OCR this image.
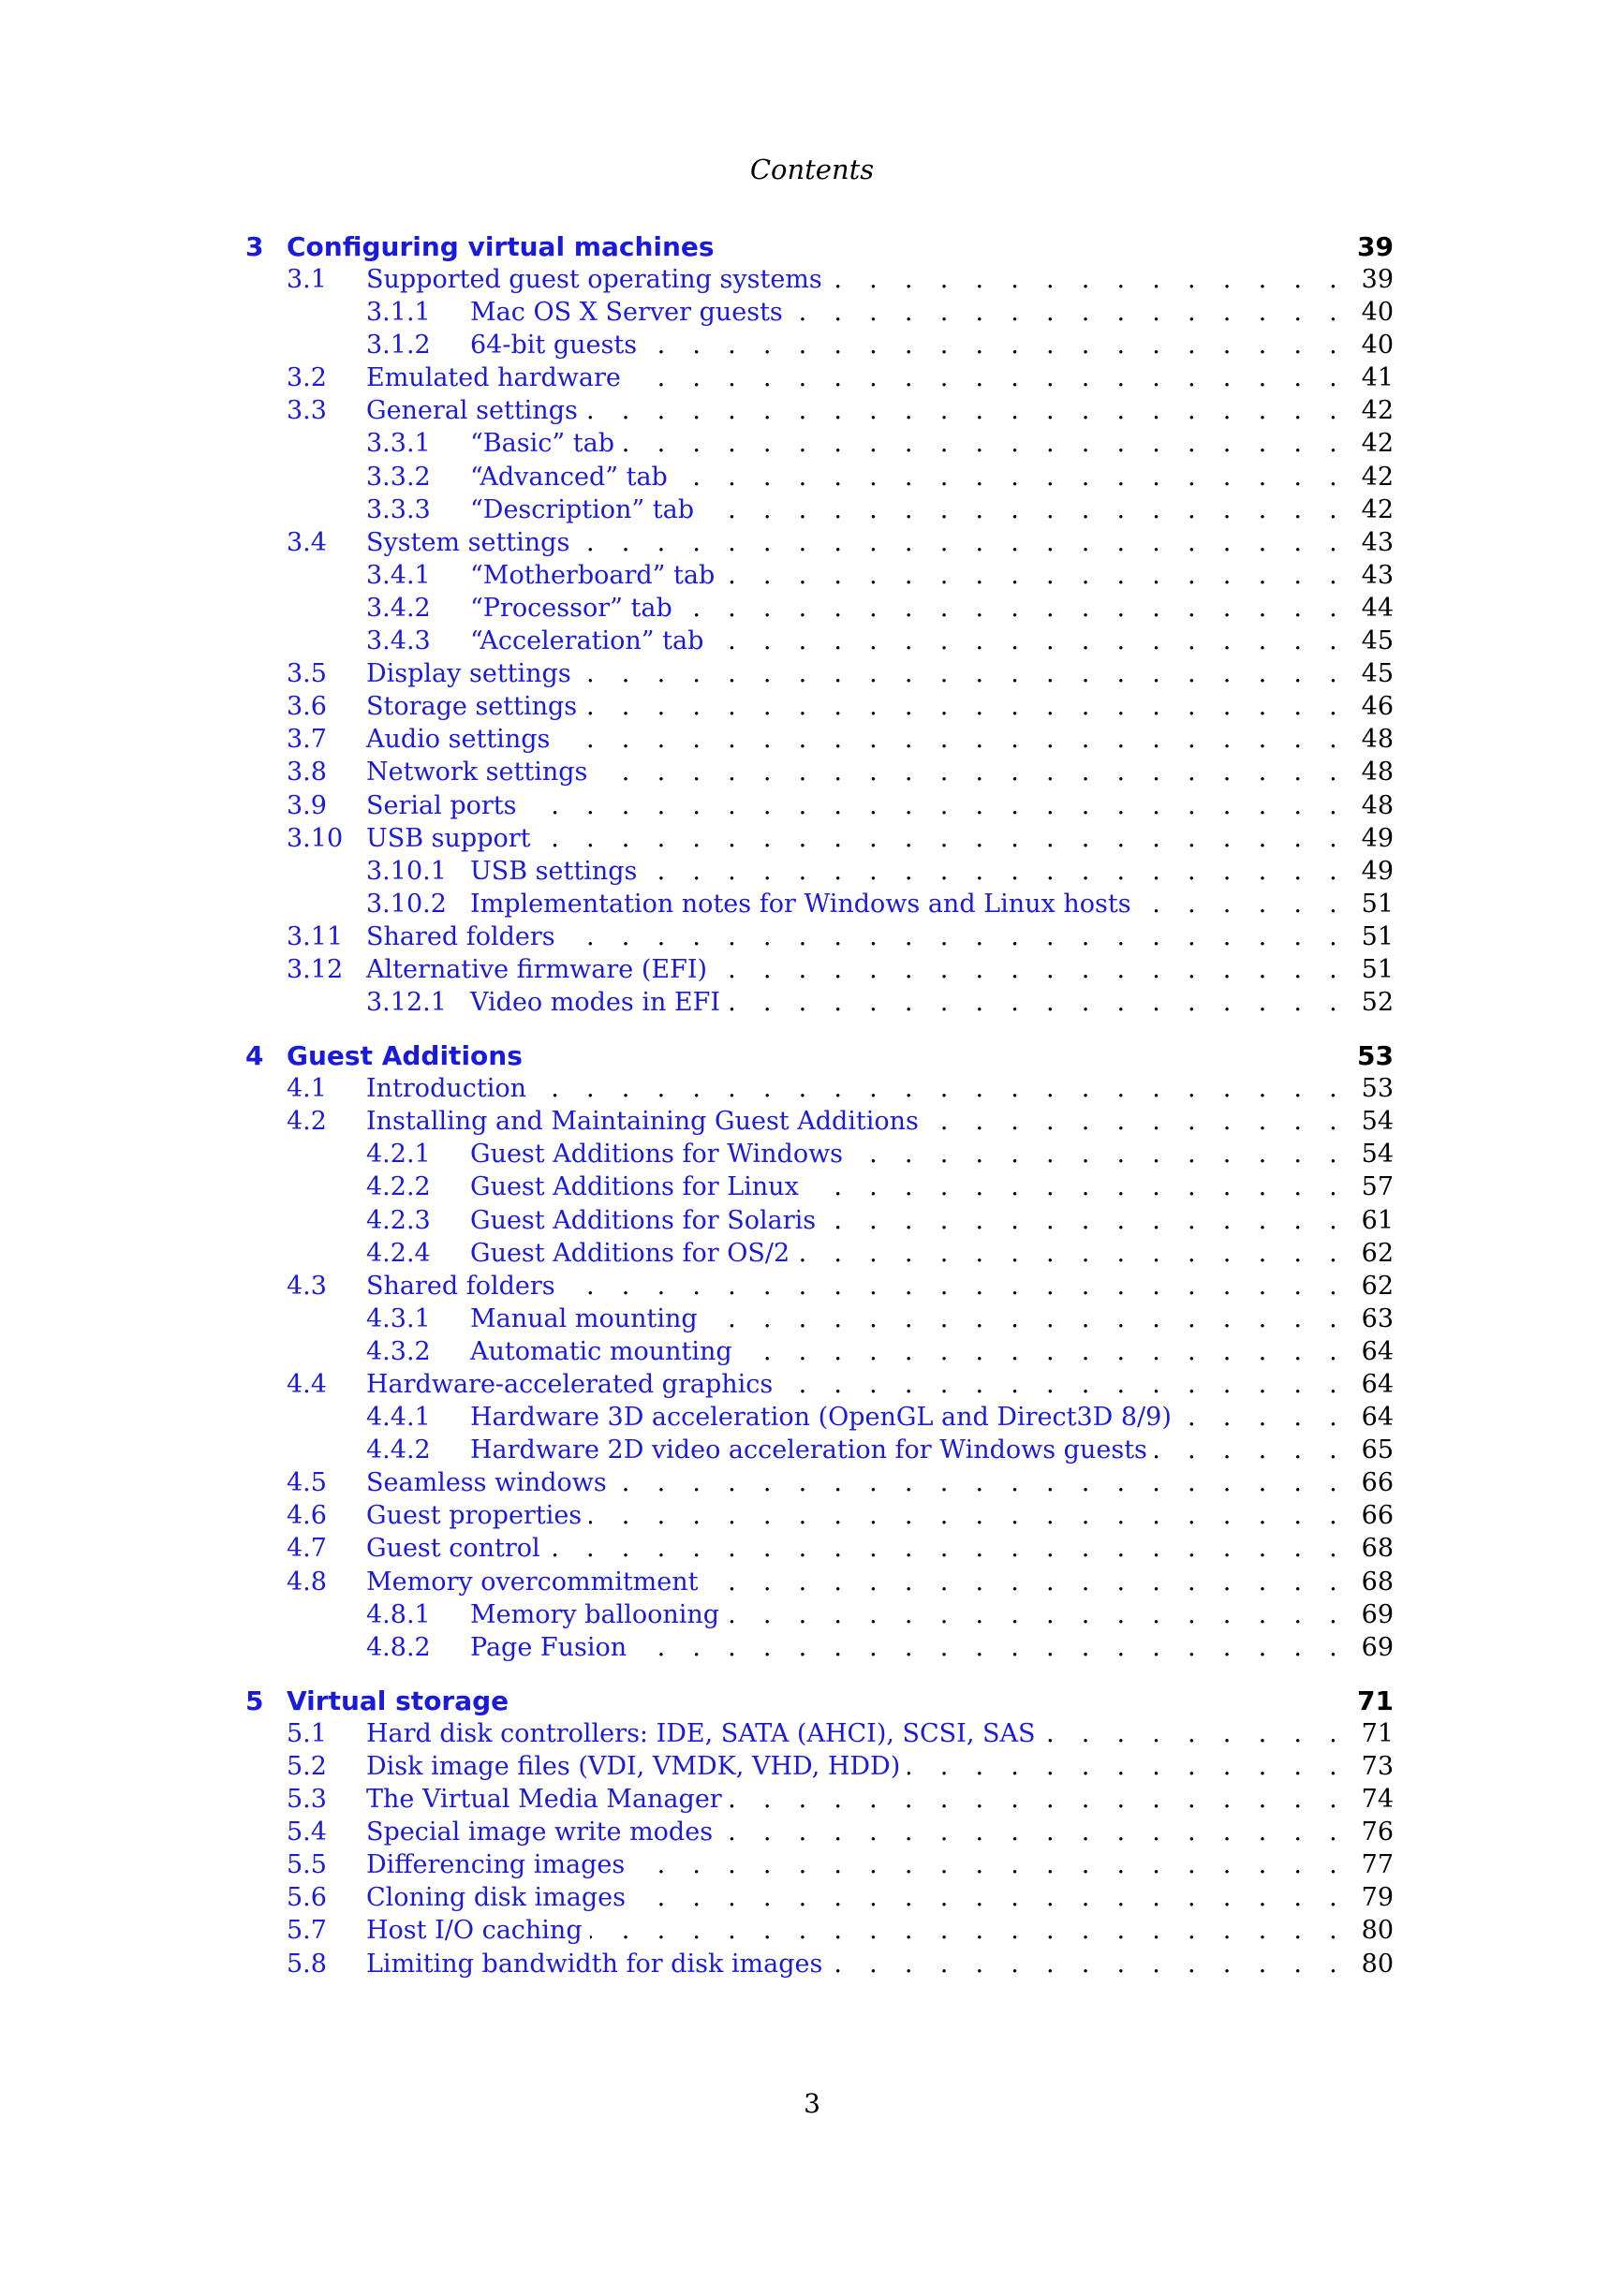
Contents
3 Configuring virtual machines	39
3.1	Supported guest operating systems . . .	39
3.1.1	Mac OS X Server guests . . .	40
3.1.2	64-bit guests . . .	40
3.2	Emulated hardware . . .	41
3.3	General settings . . .	42
3.3.1	“Basic” tab . . .	42
3.3.2	“Advanced” tab . . .	42
3.3.3	“Description” tab . . .	42
3.4	System settings . . .	43
3.4.1	“Motherboard” tab . . .	43
3.4.2	“Processor” tab . . .	44
3.4.3	“Acceleration” tab . . .	45
3.5	Display settings . . .	45
3.6	Storage settings . . .	46
3.7	Audio settings . . .	48
3.8	Network settings . . .	48
3.9	Serial ports . . .	48
3.10 USB support . . .	49
3.10.1 USB settings . . .	49
3.10.2 Implementation notes for Windows and Linux hosts . . .	51
3.11 Shared folders . . .	51
3.12 Alternative firmware (EFI) . . .	51
3.12.1 Video modes in EFI . . .	52
4 Guest Additions	53
4.1	Introduction . . .	53
4.2	Installing and Maintaining Guest Additions . . .	54
4.2.1	Guest Additions for Windows . . .	54
4.2.2	Guest Additions for Linux . . .	57
4.2.3	Guest Additions for Solaris . . .	61
4.2.4	Guest Additions for OS/2 . . .	62
4.3	Shared folders . . .	62
4.3.1	Manual mounting . . .	63
4.3.2	Automatic mounting . . .	64
4.4	Hardware-accelerated graphics . . .	64
4.4.1	Hardware 3D acceleration (OpenGL and Direct3D 8/9) . . .	64
4.4.2	Hardware 2D video acceleration for Windows guests . . .	65
4.5	Seamless windows . . .	66
4.6	Guest properties . . .	66
4.7	Guest control . . .	68
4.8	Memory overcommitment . . .	68
4.8.1	Memory ballooning . . .	69
4.8.2	Page Fusion . . .	69
5 Virtual storage	71
5.1	Hard disk controllers: IDE, SATA (AHCI), SCSI, SAS . . .	71
5.2	Disk image files (VDI, VMDK, VHD, HDD) . . .	73
5.3	The Virtual Media Manager . . .	74
5.4	Special image write modes . . .	76
5.5	Differencing images . . .	77
5.6	Cloning disk images . . .	79
5.7	Host I/O caching . . .	80
5.8	Limiting bandwidth for disk images . . .	80
3
